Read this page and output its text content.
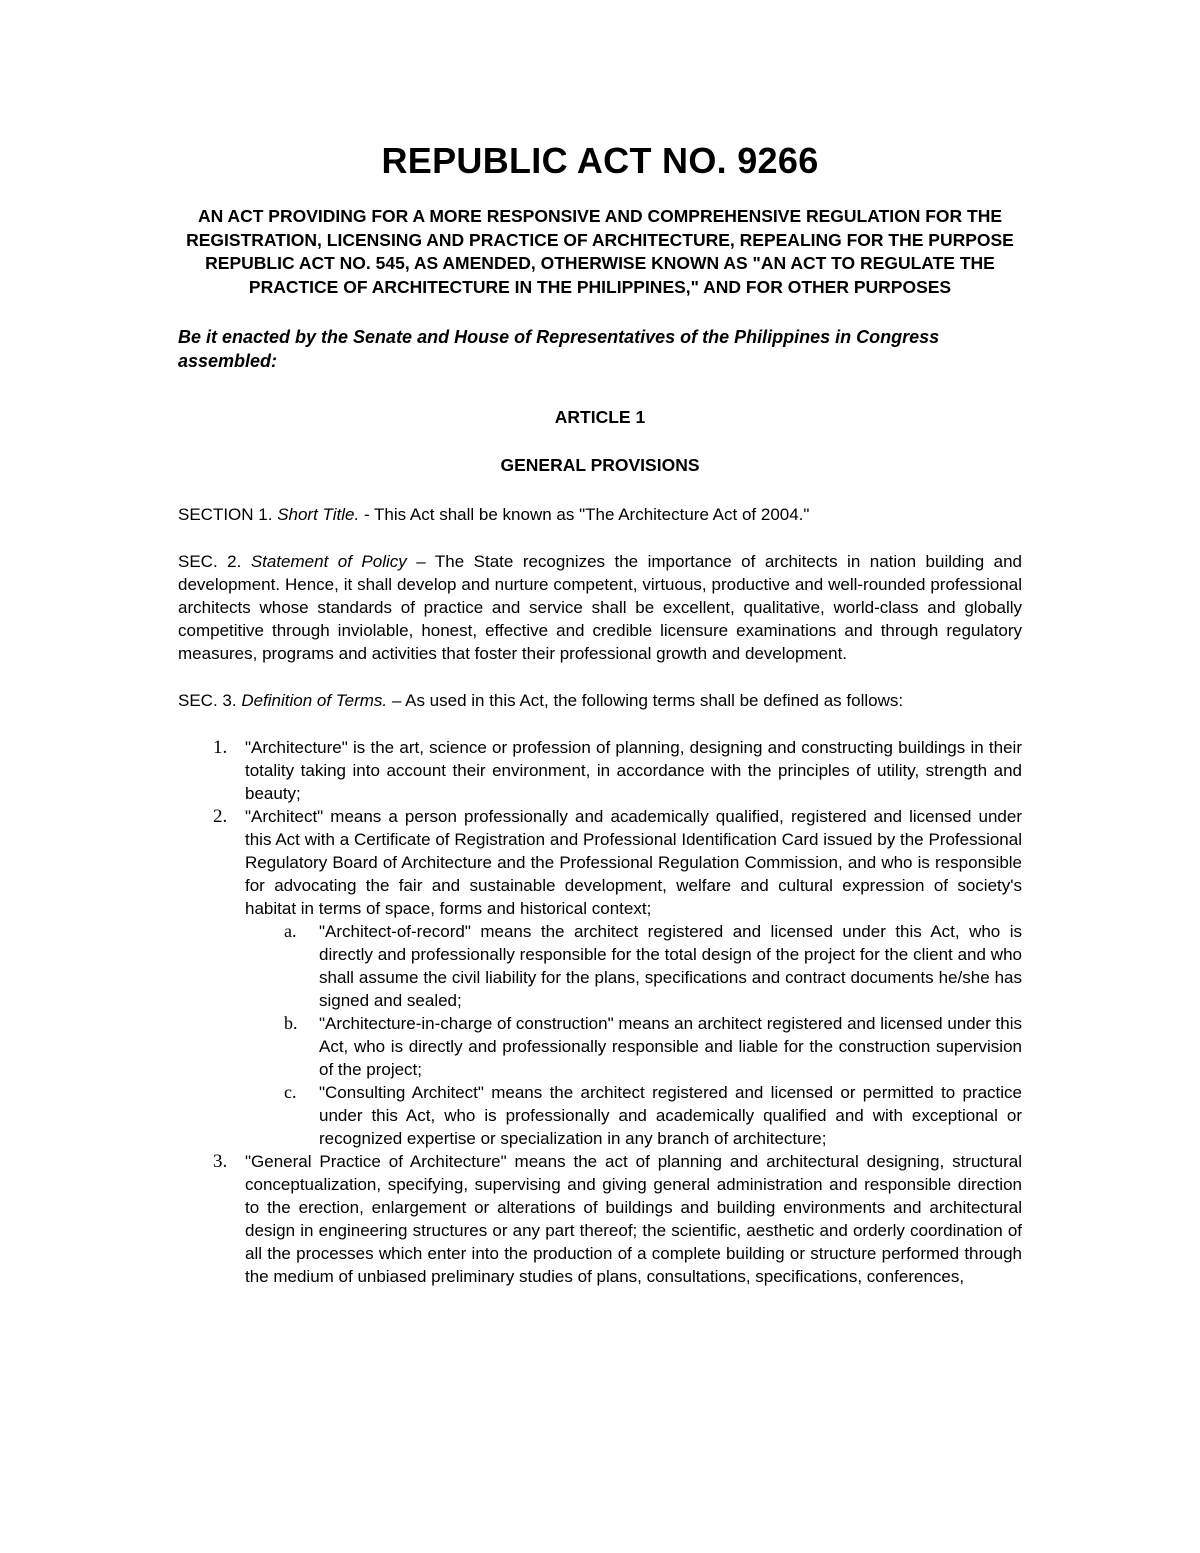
REPUBLIC ACT NO. 9266

AN ACT PROVIDING FOR A MORE RESPONSIVE AND COMPREHENSIVE REGULATION FOR THE REGISTRATION, LICENSING AND PRACTICE OF ARCHITECTURE, REPEALING FOR THE PURPOSE REPUBLIC ACT NO. 545, AS AMENDED, OTHERWISE KNOWN AS "AN ACT TO REGULATE THE PRACTICE OF ARCHITECTURE IN THE PHILIPPINES," AND FOR OTHER PURPOSES

Be it enacted by the Senate and House of Representatives of the Philippines in Congress assembled:

ARTICLE 1

GENERAL PROVISIONS

SECTION 1. Short Title. - This Act shall be known as "The Architecture Act of 2004."

SEC. 2. Statement of Policy – The State recognizes the importance of architects in nation building and development. Hence, it shall develop and nurture competent, virtuous, productive and well-rounded professional architects whose standards of practice and service shall be excellent, qualitative, world-class and globally competitive through inviolable, honest, effective and credible licensure examinations and through regulatory measures, programs and activities that foster their professional growth and development.

SEC. 3. Definition of Terms. – As used in this Act, the following terms shall be defined as follows:

1. "Architecture" is the art, science or profession of planning, designing and constructing buildings in their totality taking into account their environment, in accordance with the principles of utility, strength and beauty;
2. "Architect" means a person professionally and academically qualified, registered and licensed under this Act with a Certificate of Registration and Professional Identification Card issued by the Professional Regulatory Board of Architecture and the Professional Regulation Commission, and who is responsible for advocating the fair and sustainable development, welfare and cultural expression of society's habitat in terms of space, forms and historical context;
a. "Architect-of-record" means the architect registered and licensed under this Act, who is directly and professionally responsible for the total design of the project for the client and who shall assume the civil liability for the plans, specifications and contract documents he/she has signed and sealed;
b. "Architecture-in-charge of construction" means an architect registered and licensed under this Act, who is directly and professionally responsible and liable for the construction supervision of the project;
c. "Consulting Architect" means the architect registered and licensed or permitted to practice under this Act, who is professionally and academically qualified and with exceptional or recognized expertise or specialization in any branch of architecture;
3. "General Practice of Architecture" means the act of planning and architectural designing, structural conceptualization, specifying, supervising and giving general administration and responsible direction to the erection, enlargement or alterations of buildings and building environments and architectural design in engineering structures or any part thereof; the scientific, aesthetic and orderly coordination of all the processes which enter into the production of a complete building or structure performed through the medium of unbiased preliminary studies of plans, consultations, specifications, conferences,
